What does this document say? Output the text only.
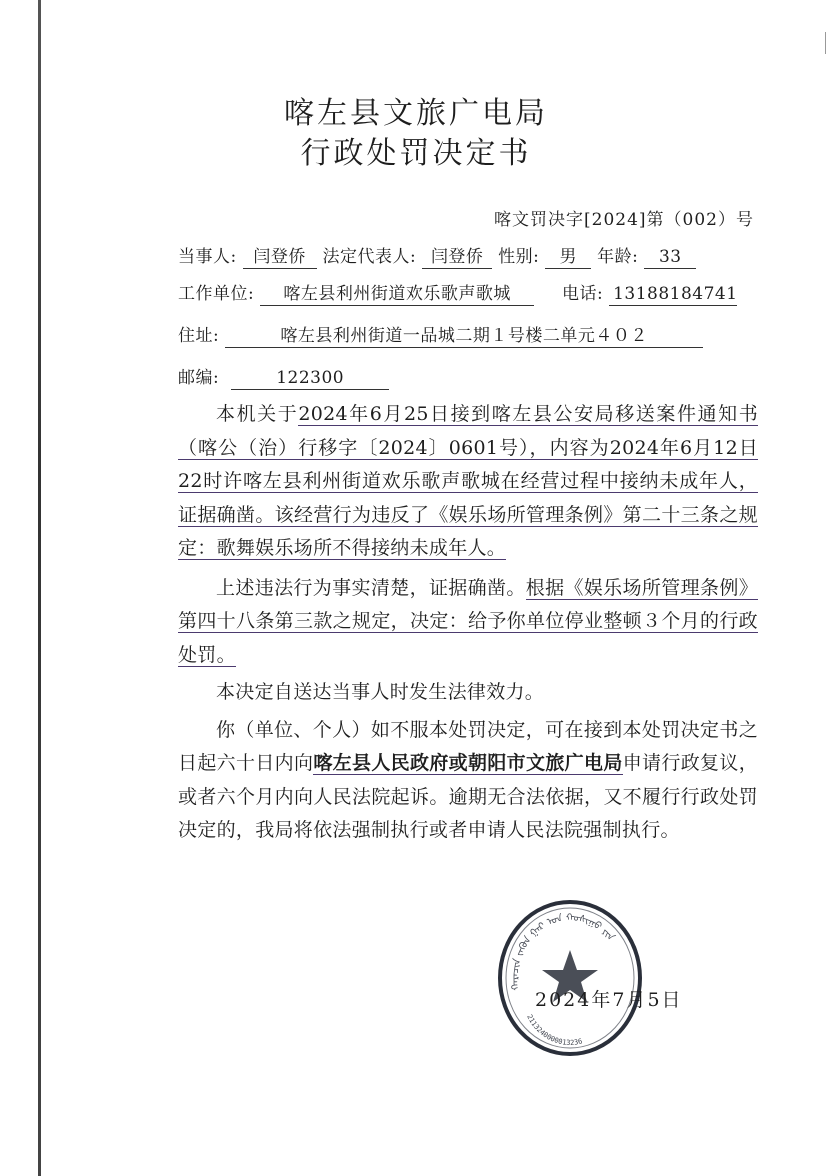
喀左县文旅广电局
行政处罚决定书
喀文罚决字[2024]第（002）号
当事人: 闫登侨 法定代表人: 闫登侨 性别: 男 年龄: 33
工作单位: 喀左县利州街道欢乐歌声歌城	电话: 13188184741
住址:	喀左县利州街道一品城二期１号楼二单元４０２
邮编:	122300

本机关于2024年6月25日接到喀左县公安局移送案件通知书（喀公（治）行移字〔2024〕0601号），内容为2024年6月12日22时许喀左县利州街道欢乐歌声歌城在经营过程中接纳未成年人，证据确凿。该经营行为违反了《娱乐场所管理条例》第二十三条之规定：歌舞娱乐场所不得接纳未成年人。

上述违法行为事实清楚，证据确凿。根据《娱乐场所管理条例》第四十八条第三款之规定，决定：给予你单位停业整顿３个月的行政处罚。

本决定自送达当事人时发生法律效力。

你（单位、个人）如不服本处罚决定，可在接到本处罚决定书之日起六十日内向喀左县人民政府或朝阳市文旅广电局申请行政复议，或者六个月内向人民法院起诉。逾期无合法依据，又不履行行政处罚决定的，我局将依法强制执行或者申请人民法院强制执行。

ᠬᠠᠷᠠᠴᠢᠨ ᠵᠡᠭᠦᠨ ᠭᠠᠷ ᠤᠨ ᠬᠣᠰᠢᠭᠤ ᠶᠢᠨ
2113240000013236
2024年7月5日
